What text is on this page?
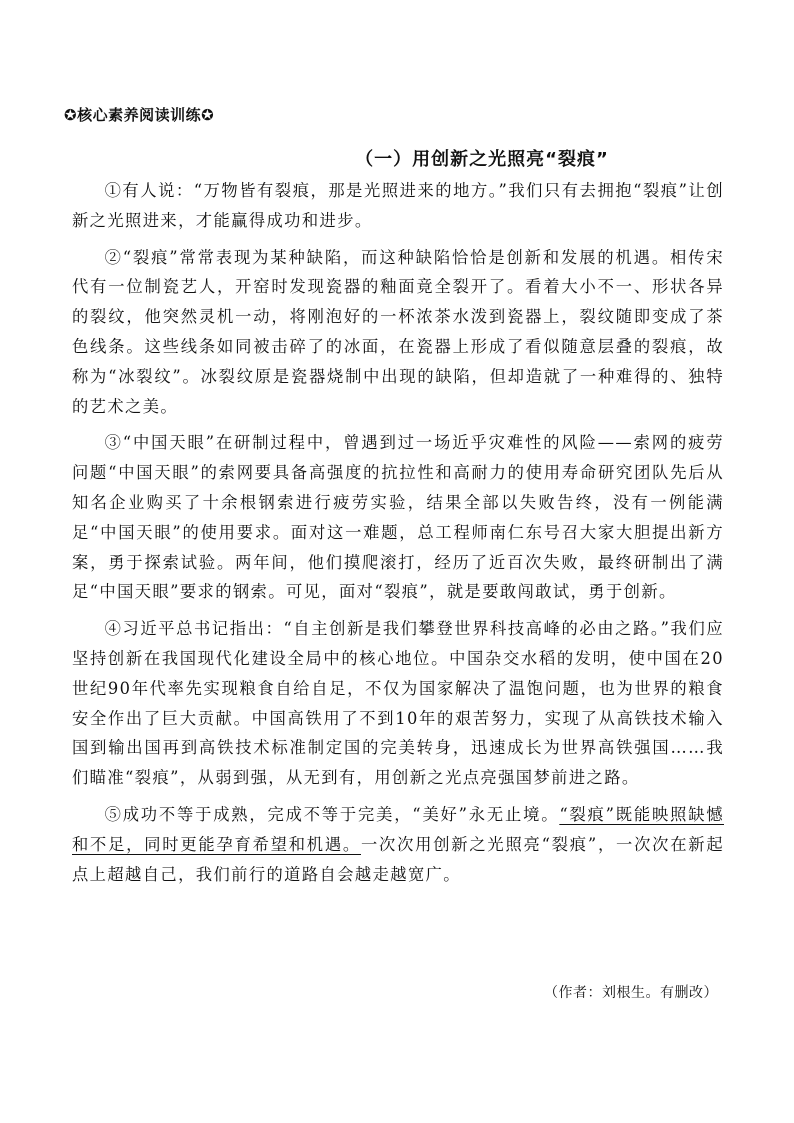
✪核心素养阅读训练✪
（一）用创新之光照亮“裂痕”

①有人说：“万物皆有裂痕，那是光照进来的地方。”我们只有去拥抱“裂痕”让创新之光照进来，才能赢得成功和进步。

②“裂痕”常常表现为某种缺陷，而这种缺陷恰恰是创新和发展的机遇。相传宋代有一位制瓷艺人，开窑时发现瓷器的釉面竟全裂开了。看着大小不一、形状各异的裂纹，他突然灵机一动，将刚泡好的一杯浓茶水泼到瓷器上，裂纹随即变成了茶色线条。这些线条如同被击碎了的冰面，在瓷器上形成了看似随意层叠的裂痕，故称为“冰裂纹”。冰裂纹原是瓷器烧制中出现的缺陷，但却造就了一种难得的、独特的艺术之美。

③“中国天眼”在研制过程中，曾遇到过一场近乎灾难性的风险——索网的疲劳问题“中国天眼”的索网要具备高强度的抗拉性和高耐力的使用寿命研究团队先后从知名企业购买了十余根钢索进行疲劳实验，结果全部以失败告终，没有一例能满足“中国天眼”的使用要求。面对这一难题，总工程师南仁东号召大家大胆提出新方案，勇于探索试验。两年间，他们摸爬滚打，经历了近百次失败，最终研制出了满足“中国天眼”要求的钢索。可见，面对“裂痕”，就是要敢闯敢试，勇于创新。

④习近平总书记指出：“自主创新是我们攀登世界科技高峰的必由之路。”我们应坚持创新在我国现代化建设全局中的核心地位。中国杂交水稻的发明，使中国在20世纪90年代率先实现粮食自给自足，不仅为国家解决了温饱问题，也为世界的粮食安全作出了巨大贡献。中国高铁用了不到10年的艰苦努力，实现了从高铁技术输入国到输出国再到高铁技术标准制定国的完美转身，迅速成长为世界高铁强国……我们瞄准“裂痕”，从弱到强，从无到有，用创新之光点亮强国梦前进之路。

⑤成功不等于成熟，完成不等于完美，“美好”永无止境。“裂痕”既能映照缺憾和不足，同时更能孕育希望和机遇。一次次用创新之光照亮“裂痕”，一次次在新起点上超越自己，我们前行的道路自会越走越宽广。

（作者：刘根生。有删改）
